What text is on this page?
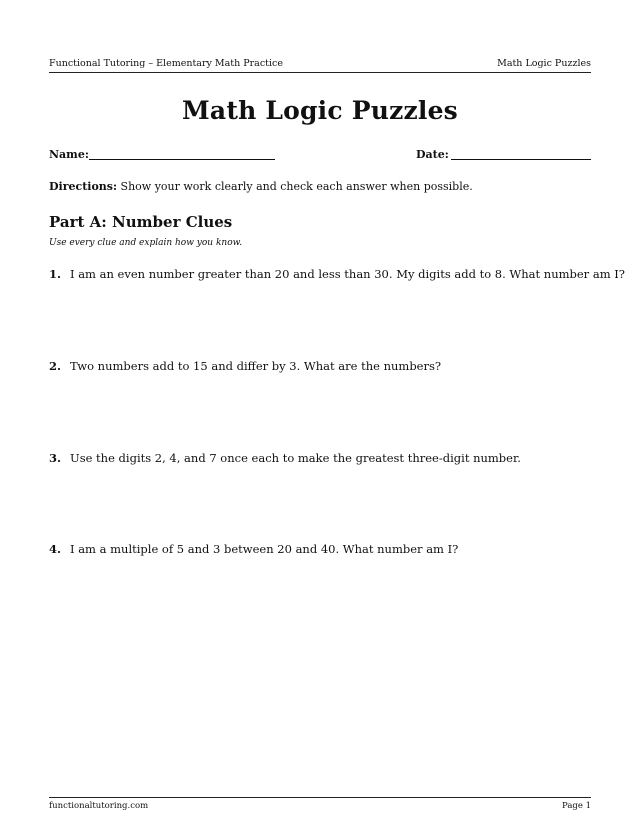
Functional Tutoring – Elementary Math Practice	Math Logic Puzzles
Math Logic Puzzles
Name:	Date:
Directions: Show your work clearly and check each answer when possible.
Part A: Number Clues
Use every clue and explain how you know.
1. I am an even number greater than 20 and less than 30. My digits add to 8. What number am I?
2. Two numbers add to 15 and differ by 3. What are the numbers?
3. Use the digits 2, 4, and 7 once each to make the greatest three-digit number.
4. I am a multiple of 5 and 3 between 20 and 40. What number am I?
functionaltutoring.com	Page 1
